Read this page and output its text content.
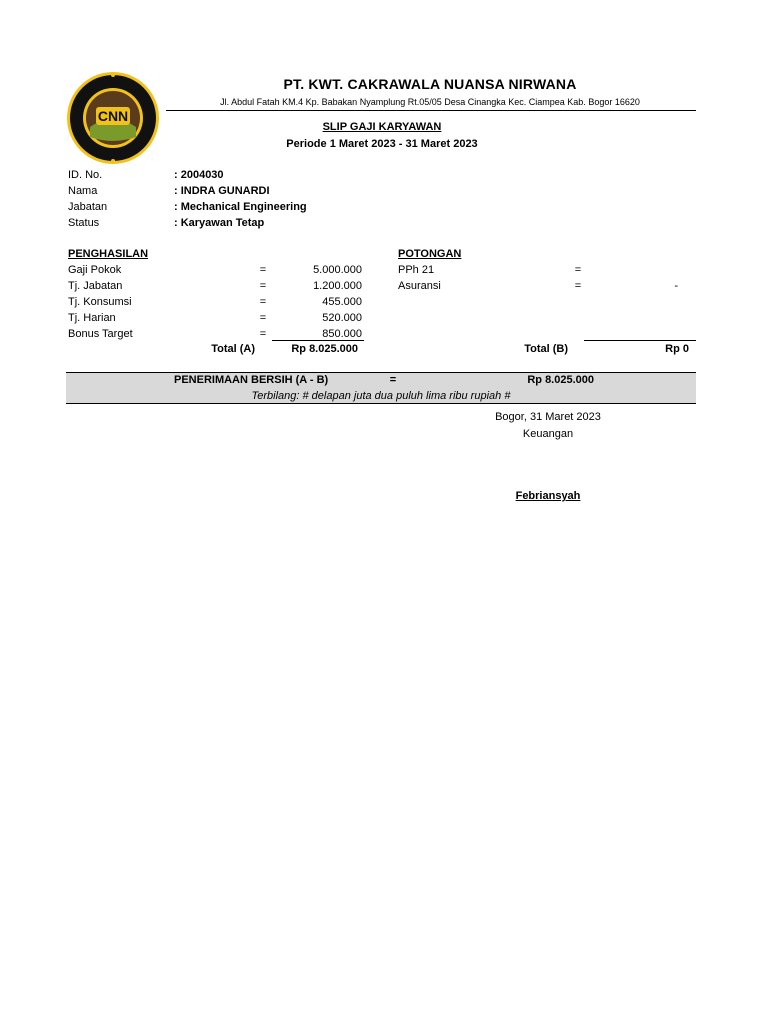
CNN
PT. KWT. CAKRAWALA NUANSA NIRWANA
Jl. Abdul Fatah KM.4 Kp. Babakan Nyamplung Rt.05/05 Desa Cinangka Kec. Ciampea Kab. Bogor 16620
SLIP GAJI KARYAWAN
Periode 1 Maret 2023 - 31 Maret 2023
ID. No.	: 2004030
Nama	: INDRA GUNARDI
Jabatan	: Mechanical Engineering
Status	: Karyawan Tetap
PENGHASILAN
Gaji Pokok	=	5.000.000
Tj. Jabatan	=	1.200.000
Tj. Konsumsi	=	455.000
Tj. Harian	=	520.000
Bonus Target	=	850.000
Total (A)	Rp 8.025.000
POTONGAN
PPh 21	=
Asuransi	=	-
Total (B)	Rp 0
PENERIMAAN BERSIH (A - B)	=	Rp 8.025.000
Terbilang: # delapan juta dua puluh lima ribu rupiah #
Bogor, 31 Maret 2023
Keuangan
Febriansyah
